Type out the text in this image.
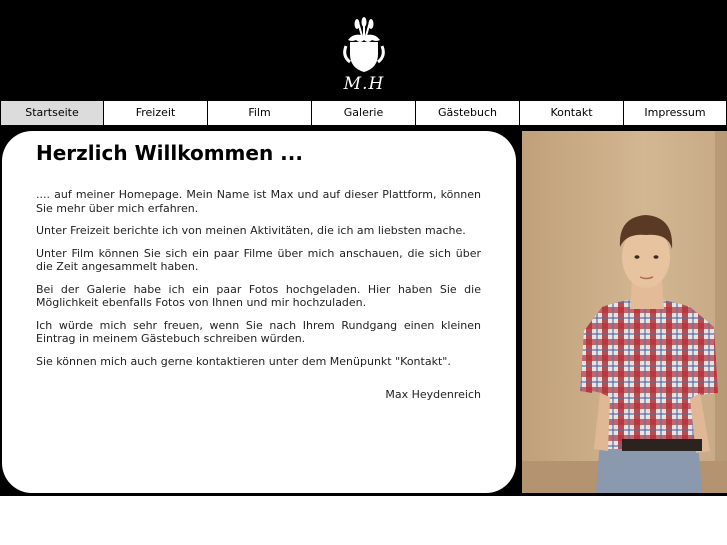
M.H
Startseite	Freizeit	Film	Galerie	Gästebuch	Kontakt	Impressum
Herzlich Willkommen ...

.... auf meiner Homepage. Mein Name ist Max und auf dieser Plattform, können Sie mehr über mich erfahren.

Unter Freizeit berichte ich von meinen Aktivitäten, die ich am liebsten mache.

Unter Film können Sie sich ein paar Filme über mich anschauen, die sich über die Zeit angesammelt haben.

Bei der Galerie habe ich ein paar Fotos hochgeladen. Hier haben Sie die Möglichkeit ebenfalls Fotos von Ihnen und mir hochzuladen.

Ich würde mich sehr freuen, wenn Sie nach Ihrem Rundgang einen kleinen Eintrag in meinem Gästebuch schreiben würden.

Sie können mich auch gerne kontaktieren unter dem Menüpunkt "Kontakt".

Max Heydenreich
